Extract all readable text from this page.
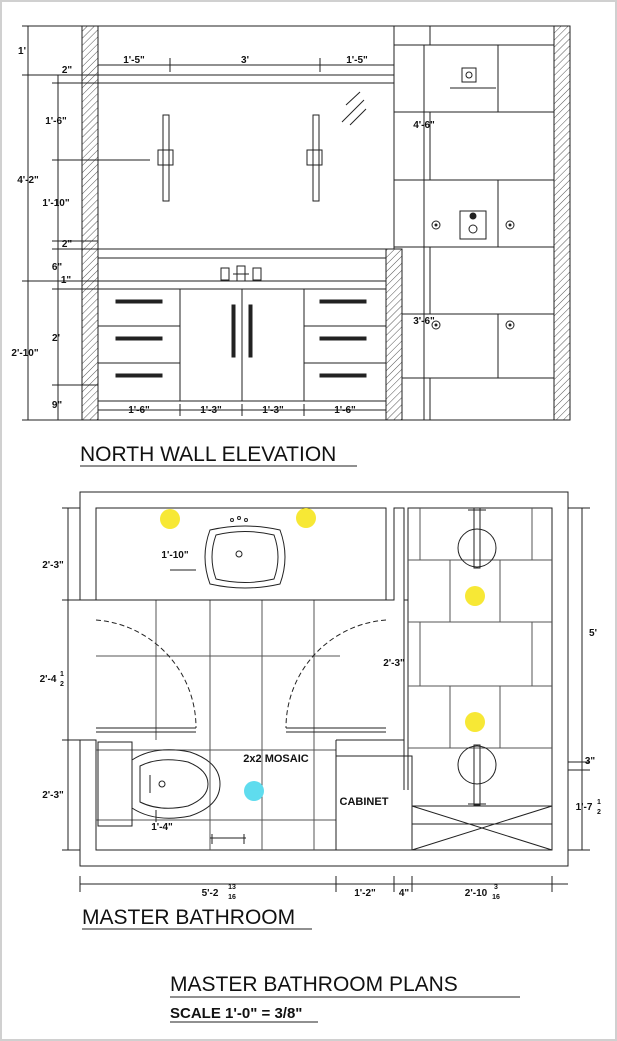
1'-5"	3'	1'-5"
1'-6"	1'-3"	1'-3"	1'-6"
1'
2"
1'-6"
4'-2"
1'-10"
2"
6"
1"
2'
2'-10"
9"
4'-6"
3'-6"
NORTH WALL ELEVATION
2'-3"
2'-4 1
2
2'-3"
5'
3"
1'-7 1
2
5'-2
13
16	1'-2" 4"	2'-10
3
16
1'-10"
1'-4"
2'-3"
2x2 MOSAIC
CABINET
MASTER BATHROOM
MASTER BATHROOM PLANS
SCALE 1'-0" = 3/8"
